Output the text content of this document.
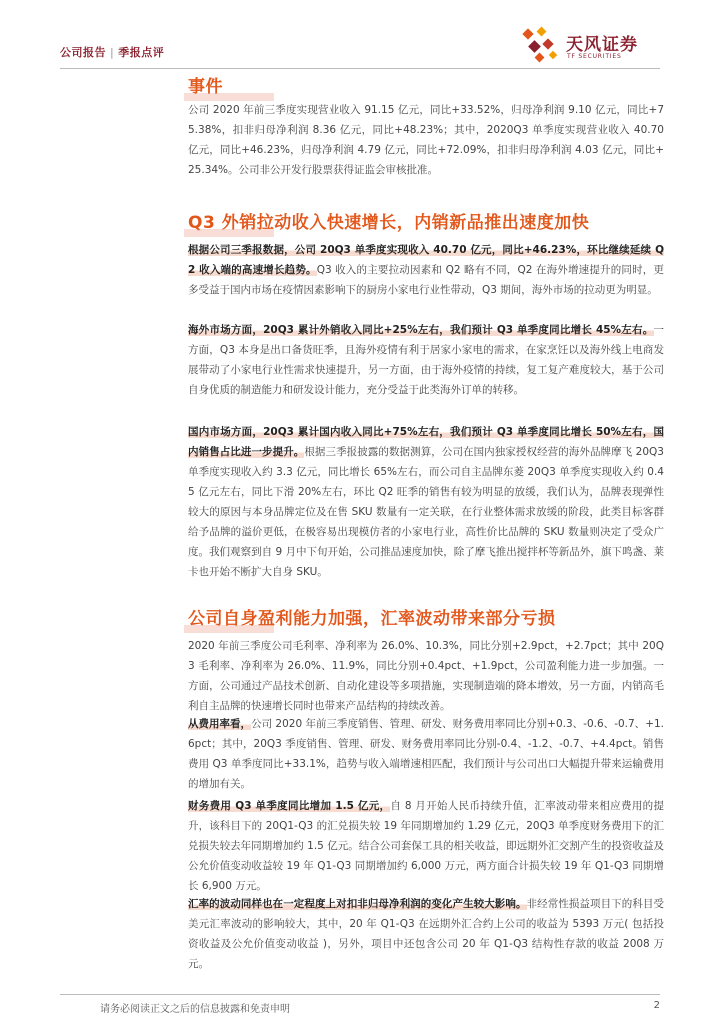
公司报告 | 季报点评	天风证券
TF SECURITIES
事件
公司 2020 年前三季度实现营业收入 91.15 亿元，同比+33.52%，归母净利润 9.10 亿元，同比+75.38%，扣非归母净利润 8.36 亿元，同比+48.23%；其中，2020Q3 单季度实现营业收入 40.70 亿元，同比+46.23%，归母净利润 4.79 亿元，同比+72.09%，扣非归母净利润 4.03 亿元，同比+25.34%。公司非公开发行股票获得证监会审核批准。
Q3 外销拉动收入快速增长，内销新品推出速度加快
根据公司三季报数据，公司 20Q3 单季度实现收入 40.70 亿元，同比+46.23%，环比继续延续 Q2 收入端的高速增长趋势。Q3 收入的主要拉动因素和 Q2 略有不同，Q2 在海外增速提升的同时，更多受益于国内市场在疫情因素影响下的厨房小家电行业性带动，Q3 期间，海外市场的拉动更为明显。
海外市场方面，20Q3 累计外销收入同比+25%左右，我们预计 Q3 单季度同比增长 45%左右。一方面，Q3 本身是出口备货旺季，且海外疫情有利于居家小家电的需求，在家烹饪以及海外线上电商发展带动了小家电行业性需求快速提升，另一方面，由于海外疫情的持续，复工复产难度较大，基于公司自身优质的制造能力和研发设计能力，充分受益于此类海外订单的转移。
国内市场方面，20Q3 累计国内收入同比+75%左右，我们预计 Q3 单季度同比增长 50%左右，国内销售占比进一步提升。根据三季报披露的数据测算，公司在国内独家授权经营的海外品牌摩飞 20Q3 单季度实现收入约 3.3 亿元，同比增长 65%左右，而公司自主品牌东菱 20Q3 单季度实现收入约 0.45 亿元左右，同比下滑 20%左右，环比 Q2 旺季的销售有较为明显的放缓，我们认为，品牌表现弹性较大的原因与本身品牌定位及在售 SKU 数量有一定关联，在行业整体需求放缓的阶段，此类目标客群给予品牌的溢价更低，在极容易出现模仿者的小家电行业，高性价比品牌的 SKU 数量则决定了受众广度。我们观察到自 9 月中下旬开始，公司推品速度加快，除了摩飞推出搅拌杯等新品外，旗下鸣盏、莱卡也开始不断扩大自身 SKU。
公司自身盈利能力加强，汇率波动带来部分亏损
2020 年前三季度公司毛利率、净利率为 26.0%、10.3%，同比分别+2.9pct，+2.7pct；其中 20Q3 毛利率、净利率为 26.0%、11.9%，同比分别+0.4pct、+1.9pct，公司盈利能力进一步加强。一方面，公司通过产品技术创新、自动化建设等多项措施，实现制造端的降本增效，另一方面，内销高毛利自主品牌的快速增长同时也带来产品结构的持续改善。
从费用率看，公司 2020 年前三季度销售、管理、研发、财务费用率同比分别+0.3、-0.6、-0.7、+1.6pct；其中，20Q3 季度销售、管理、研发、财务费用率同比分别-0.4、-1.2、-0.7、+4.4pct。销售费用 Q3 单季度同比+33.1%，趋势与收入端增速相匹配，我们预计与公司出口大幅提升带来运输费用的增加有关。
财务费用 Q3 单季度同比增加 1.5 亿元，自 8 月开始人民币持续升值，汇率波动带来相应费用的提升，该科目下的 20Q1-Q3 的汇兑损失较 19 年同期增加约 1.29 亿元，20Q3 单季度财务费用下的汇兑损失较去年同期增加约 1.5 亿元。结合公司套保工具的相关收益，即远期外汇交割产生的投资收益及公允价值变动收益较 19 年 Q1-Q3 同期增加约 6,000 万元，两方面合计损失较 19 年 Q1-Q3 同期增长 6,900 万元。
汇率的波动同样也在一定程度上对扣非归母净利润的变化产生较大影响。非经常性损益项目下的科目受美元汇率波动的影响较大，其中，20 年 Q1-Q3 在远期外汇合约上公司的收益为 5393 万元( 包括投资收益及公允价值变动收益 )，另外，项目中还包含公司 20 年 Q1-Q3 结构性存款的收益 2008 万元。
请务必阅读正文之后的信息披露和免责申明	2
